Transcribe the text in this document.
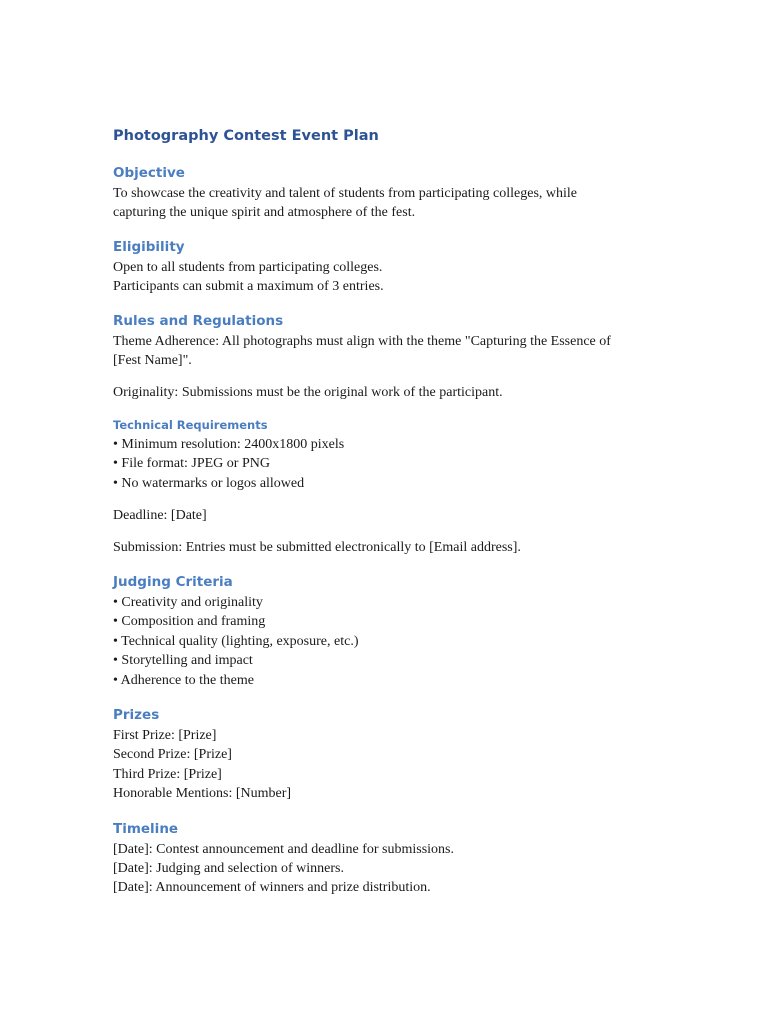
Photography Contest Event Plan
Objective

To showcase the creativity and talent of students from participating colleges, while

capturing the unique spirit and atmosphere of the fest.

Eligibility

Open to all students from participating colleges.

Participants can submit a maximum of 3 entries.

Rules and Regulations

Theme Adherence: All photographs must align with the theme "Capturing the Essence of

[Fest Name]".

Originality: Submissions must be the original work of the participant.

Technical Requirements

• Minimum resolution: 2400x1800 pixels

• File format: JPEG or PNG

• No watermarks or logos allowed

Deadline: [Date]

Submission: Entries must be submitted electronically to [Email address].

Judging Criteria

• Creativity and originality

• Composition and framing

• Technical quality (lighting, exposure, etc.)

• Storytelling and impact

• Adherence to the theme

Prizes

First Prize: [Prize]

Second Prize: [Prize]

Third Prize: [Prize]

Honorable Mentions: [Number]

Timeline

[Date]: Contest announcement and deadline for submissions.

[Date]: Judging and selection of winners.

[Date]: Announcement of winners and prize distribution.
